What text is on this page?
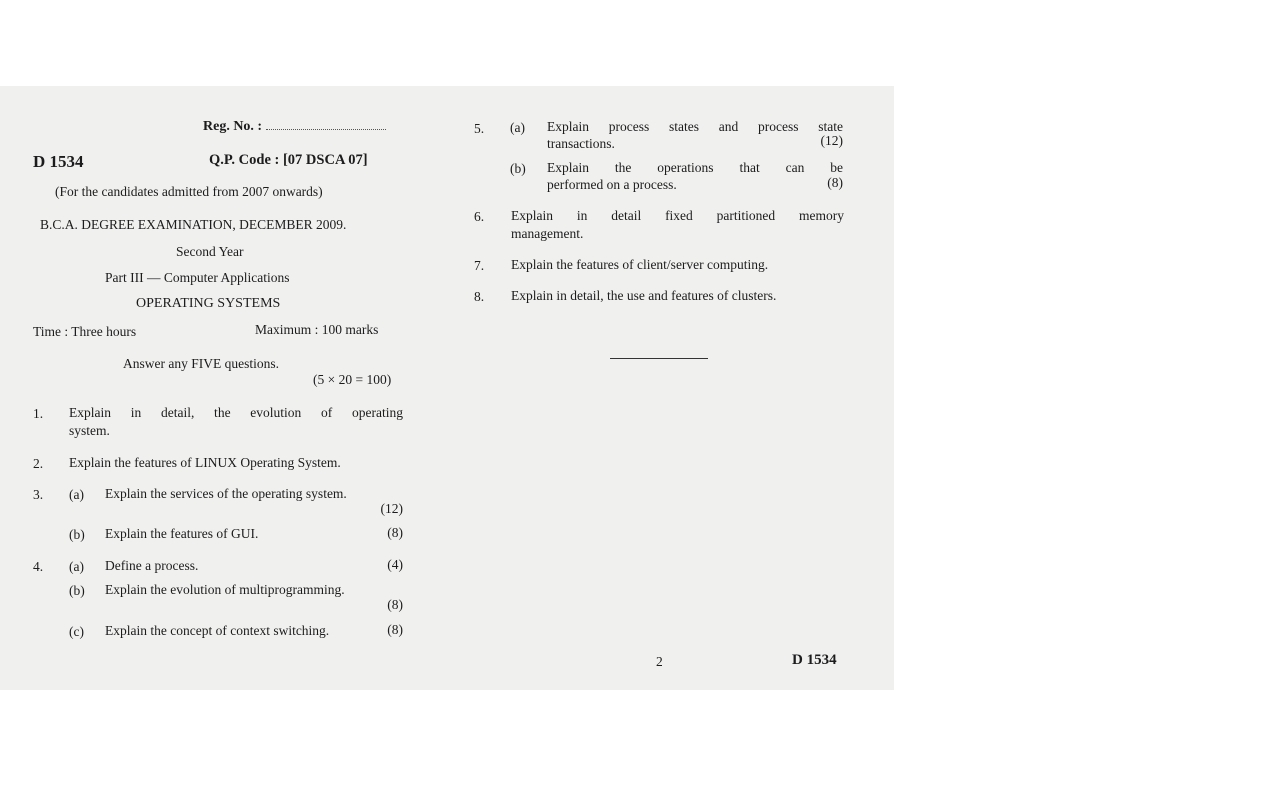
Reg. No. :
D 1534	Q.P. Code : [07 DSCA 07]
(For the candidates admitted from 2007 onwards)
B.C.A. DEGREE EXAMINATION, DECEMBER 2009.
Second Year
Part III — Computer Applications
OPERATING SYSTEMS
Time : Three hours	Maximum : 100 marks
Answer any FIVE questions.
(5 × 20 = 100)
1. Explain in detail, the evolution of operating
system.
2. Explain the features of LINUX Operating System.
3. (a) Explain the services of the operating system.
(12)
(b) Explain the features of GUI.	(8)
4. (a) Define a process.	(4)
(b) Explain the evolution of multiprogramming.
(8)
(c) Explain the concept of context switching.	(8)
5. (a) Explain process states and process state
transactions.	(12)
(b) Explain the operations that can be
performed on a process.	(8)
6. Explain in detail fixed partitioned memory
management.
7. Explain the features of client/server computing.
8. Explain in detail, the use and features of clusters.
2	D 1534
